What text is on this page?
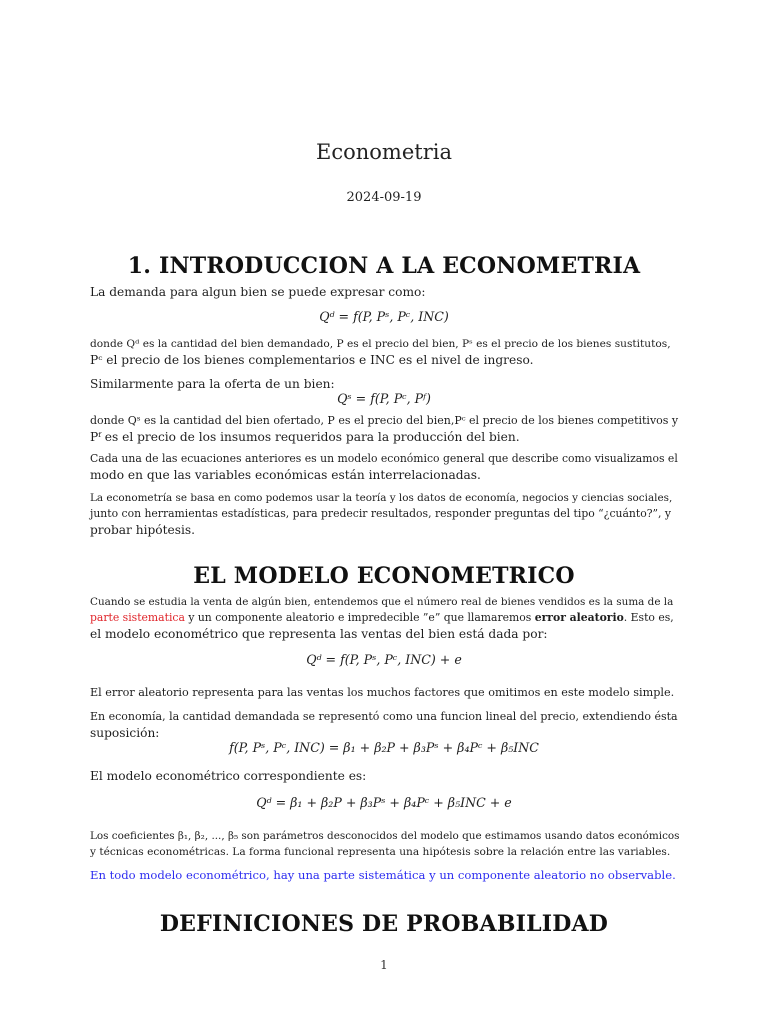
Econometria
2024-09-19
1. INTRODUCCION A LA ECONOMETRIA
La demanda para algun bien se puede expresar como:
Qᵈ = f(P, Pˢ, Pᶜ, INC)
donde Qᵈ es la cantidad del bien demandado, P es el precio del bien, Pˢ es el precio de los bienes sustitutos,
Pᶜ el precio de los bienes complementarios e INC es el nivel de ingreso.
Similarmente para la oferta de un bien:
Qˢ = f(P, Pᶜ, Pᶠ)
donde Qˢ es la cantidad del bien ofertado, P es el precio del bien,Pᶜ el precio de los bienes competitivos y
Pᶠ es el precio de los insumos requeridos para la producción del bien.
Cada una de las ecuaciones anteriores es un modelo económico general que describe como visualizamos el
modo en que las variables económicas están interrelacionadas.
La econometría se basa en como podemos usar la teoría y los datos de economía, negocios y ciencias sociales,
junto con herramientas estadísticas, para predecir resultados, responder preguntas del tipo “¿cuánto?”, y
probar hipótesis.
EL MODELO ECONOMETRICO
Cuando se estudia la venta de algún bien, entendemos que el número real de bienes vendidos es la suma de la
parte sistematica y un componente aleatorio e impredecible ”e” que llamaremos error aleatorio. Esto es,
el modelo econométrico que representa las ventas del bien está dada por:
Qᵈ = f(P, Pˢ, Pᶜ, INC) + e
El error aleatorio representa para las ventas los muchos factores que omitimos en este modelo simple.
En economía, la cantidad demandada se representó como una funcion lineal del precio, extendiendo ésta
suposición:
f(P, Pˢ, Pᶜ, INC) = β₁ + β₂P + β₃Pˢ + β₄Pᶜ + β₅INC
El modelo econométrico correspondiente es:
Qᵈ = β₁ + β₂P + β₃Pˢ + β₄Pᶜ + β₅INC + e
Los coeficientes β₁, β₂, ..., β₅ son parámetros desconocidos del modelo que estimamos usando datos económicos
y técnicas econométricas. La forma funcional representa una hipótesis sobre la relación entre las variables.
En todo modelo econométrico, hay una parte sistemática y un componente aleatorio no observable.
DEFINICIONES DE PROBABILIDAD
1
